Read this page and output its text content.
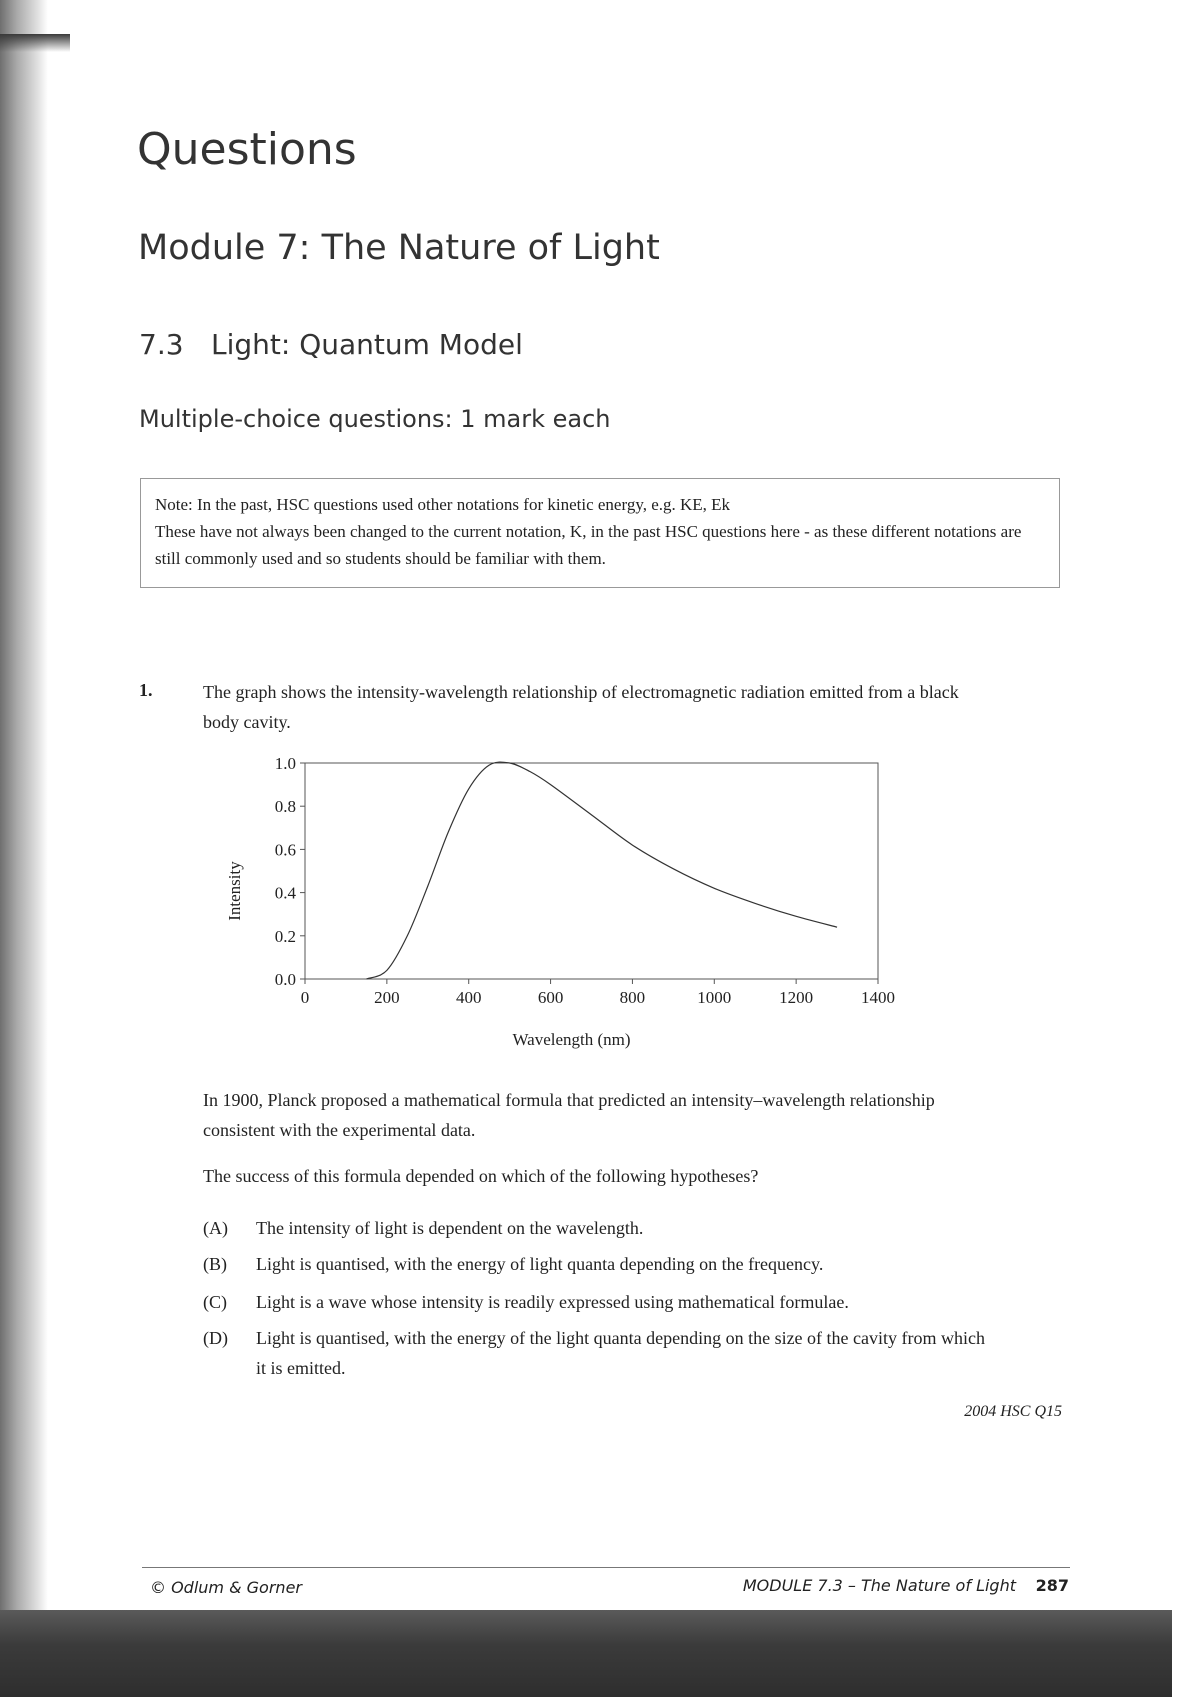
Questions
Module 7: The Nature of Light
7.3 Light: Quantum Model
Multiple-choice questions: 1 mark each

Note: In the past, HSC questions used other notations for kinetic energy, e.g. KE, Ek

These have not always been changed to the current notation, K, in the past HSC questions here - as these different notations are still commonly used and so students should be familiar with them.

1.	The graph shows the intensity-wavelength relationship of electromagnetic radiation emitted from a black body cavity.
0	200	400	600	800	1000	1200	1400
0.0
0.2
0.4
0.6
0.8
1.0
Wavelength (nm)
Intensity
In 1900, Planck proposed a mathematical formula that predicted an intensity–wavelength relationship consistent with the experimental data.
The success of this formula depended on which of the following hypotheses?
(A) The intensity of light is dependent on the wavelength.
(B) Light is quantised, with the energy of light quanta depending on the frequency.
(C) Light is a wave whose intensity is readily expressed using mathematical formulae.
(D) Light is quantised, with the energy of the light quanta depending on the size of the cavity from which it is emitted.
2004 HSC Q15
© Odlum & Gorner	MODULE 7.3 – The Nature of Light	287
